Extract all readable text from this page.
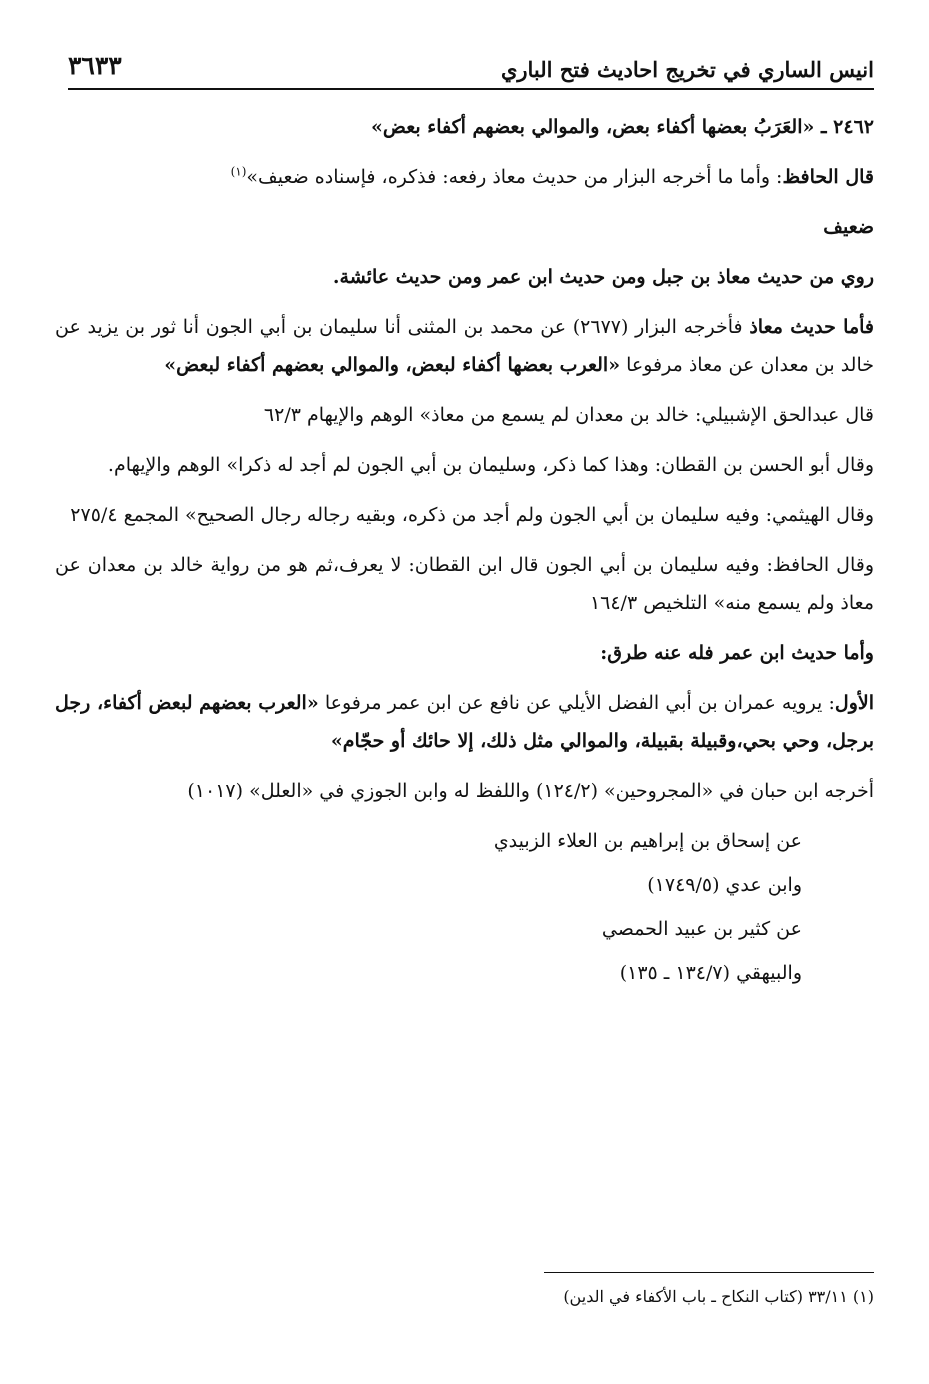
انيس الساري في تخريج احاديث فتح الباري
٣٦٣٣

٢٤٦٢ ـ «العَرَبُ بعضها أكفاء بعض، والموالي بعضهم أكفاء بعض»

قال الحافظ: وأما ما أخرجه البزار من حديث معاذ رفعه: فذكره، فإسناده ضعيف»$^{(١)}$

ضعيف

روي من حديث معاذ بن جبل ومن حديث ابن عمر ومن حديث عائشة.

فأما حديث معاذ فأخرجه البزار (٢٦٧٧) عن محمد بن المثنى أنا سليمان بن أبي الجون أنا ثور بن يزيد عن خالد بن معدان عن معاذ مرفوعا «العرب بعضها أكفاء لبعض، والموالي بعضهم أكفاء لبعض»

قال عبدالحق الإشبيلي: خالد بن معدان لم يسمع من معاذ» الوهم والإيهام ٦٢/٣

وقال أبو الحسن بن القطان: وهذا كما ذكر، وسليمان بن أبي الجون لم أجد له ذكرا» الوهم والإيهام.

وقال الهيثمي: وفيه سليمان بن أبي الجون ولم أجد من ذكره، وبقيه رجاله رجال الصحيح» المجمع ٢٧٥/٤

وقال الحافظ: وفيه سليمان بن أبي الجون قال ابن القطان: لا يعرف،ثم هو من رواية خالد بن معدان عن معاذ ولم يسمع منه» التلخيص ١٦٤/٣

وأما حديث ابن عمر فله عنه طرق:

الأول: يرويه عمران بن أبي الفضل الأيلي عن نافع عن ابن عمر مرفوعا «العرب بعضهم لبعض أكفاء، رجل برجل، وحي بحي،وقبيلة بقبيلة، والموالي مثل ذلك، إلا حائك أو حجّام»

أخرجه ابن حبان في «المجروحين» (١٢٤/٢) واللفظ له وابن الجوزي في «العلل» (١٠١٧)

عن إسحاق بن إبراهيم بن العلاء الزبيدي

وابن عدي (١٧٤٩/٥)

عن كثير بن عبيد الحمصي

والبيهقي (١٣٤/٧ ـ ١٣٥)

(١) ٣٣/١١ (كتاب النكاح ـ باب الأكفاء في الدين)
